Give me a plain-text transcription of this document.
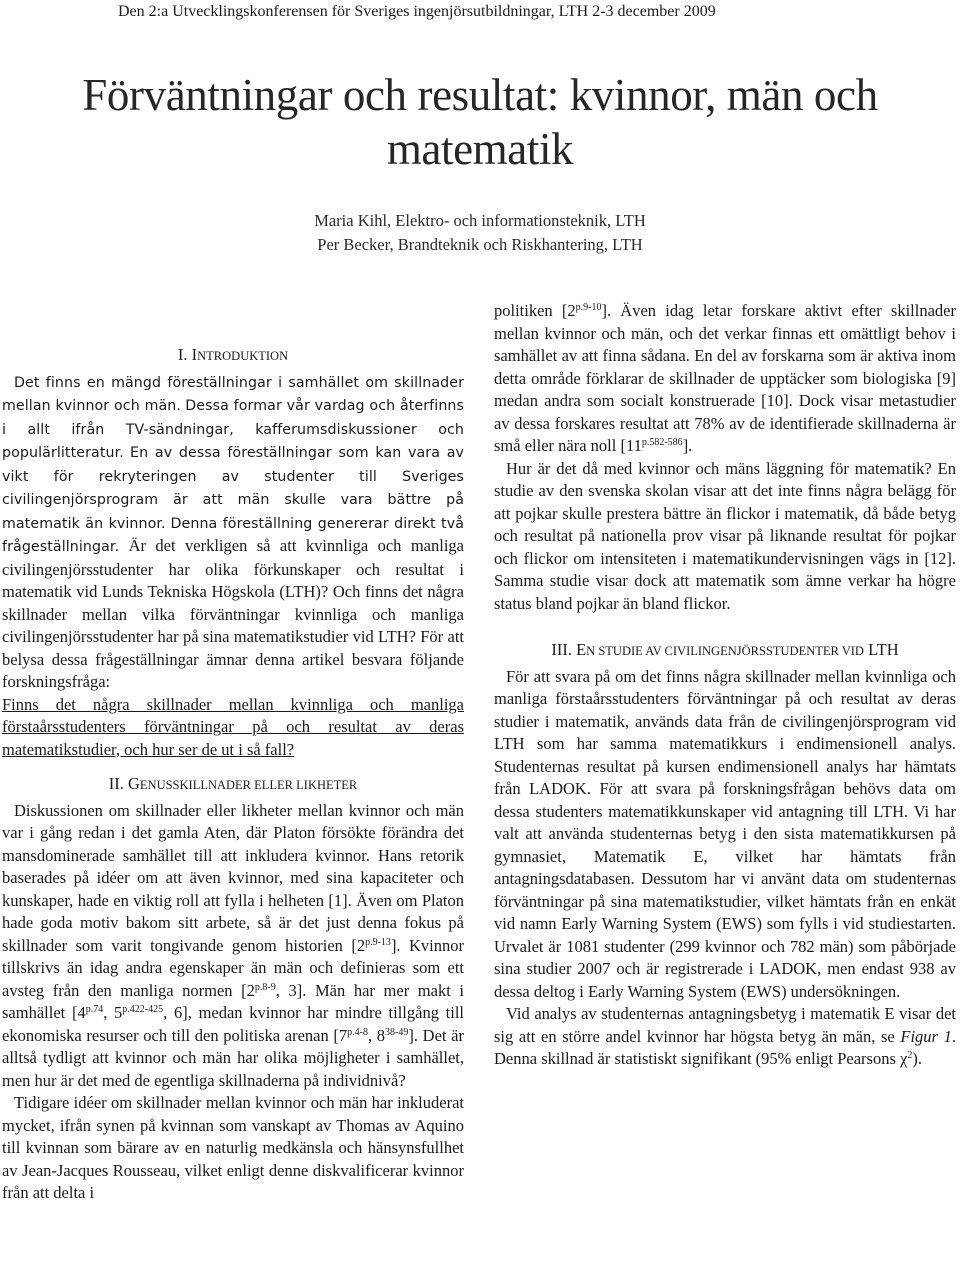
Den 2:a Utvecklingskonferensen för Sveriges ingenjörsutbildningar, LTH 2-3 december 2009
Förväntningar och resultat: kvinnor, män och matematik
Maria Kihl, Elektro- och informationsteknik, LTH
Per Becker, Brandteknik och Riskhantering, LTH

I. INTRODUKTION

Det finns en mängd föreställningar i samhället om skillnader mellan kvinnor och män. Dessa formar vår vardag och återfinns i allt ifrån TV-sändningar, kafferumsdiskussioner och populärlitteratur. En av dessa föreställningar som kan vara av vikt för rekryteringen av studenter till Sveriges civilingenjörsprogram är att män skulle vara bättre på matematik än kvinnor. Denna föreställning genererar direkt två frågeställningar. Är det verkligen så att kvinnliga och manliga civilingenjörsstudenter har olika förkunskaper och resultat i matematik vid Lunds Tekniska Högskola (LTH)? Och finns det några skillnader mellan vilka förväntningar kvinnliga och manliga civilingenjörsstudenter har på sina matematikstudier vid LTH? För att belysa dessa frågeställningar ämnar denna artikel besvara följande forskningsfråga:

Finns det några skillnader mellan kvinnliga och manliga förstaårsstudenters förväntningar på och resultat av deras matematikstudier, och hur ser de ut i så fall?

II. GENUSSKILLNADER ELLER LIKHETER

Diskussionen om skillnader eller likheter mellan kvinnor och män var i gång redan i det gamla Aten, där Platon försökte förändra det mansdominerade samhället till att inkludera kvinnor. Hans retorik baserades på idéer om att även kvinnor, med sina kapaciteter och kunskaper, hade en viktig roll att fylla i helheten [1]. Även om Platon hade goda motiv bakom sitt arbete, så är det just denna fokus på skillnader som varit tongivande genom historien $[2^{p.9-13}]$. Kvinnor tillskrivs än idag andra egenskaper än män och definieras som ett avsteg från den manliga normen [$2^{p.8-9}$, 3]. Män har mer makt i samhället [$4^{p.74}$, $5^{p.422-425}$, 6], medan kvinnor har mindre tillgång till ekonomiska resurser och till den politiska arenan [$7^{p.4-8}$, 8$^{38-49}$]. Det är alltså tydligt att kvinnor och män har olika möjligheter i samhället, men hur är det med de egentliga skillnaderna på individnivå?

Tidigare idéer om skillnader mellan kvinnor och män har inkluderat mycket, ifrån synen på kvinnan som vanskapt av Thomas av Aquino till kvinnan som bärare av en naturlig medkänsla och hänsynsfullhet av Jean-Jacques Rousseau, vilket enligt denne diskvalificerar kvinnor från att delta i

politiken $[2^{p.9-10}]$. Även idag letar forskare aktivt efter skillnader mellan kvinnor och män, och det verkar finnas ett omättligt behov i samhället av att finna sådana. En del av forskarna som är aktiva inom detta område förklarar de skillnader de upptäcker som biologiska [9] medan andra som socialt konstruerade [10]. Dock visar metastudier av dessa forskares resultat att 78% av de identifierade skillnaderna är små eller nära noll $[11^{p.582-586}]$.

Hur är det då med kvinnor och mäns läggning för matematik? En studie av den svenska skolan visar att det inte finns några belägg för att pojkar skulle prestera bättre än flickor i matematik, då både betyg och resultat på nationella prov visar på liknande resultat för pojkar och flickor om intensiteten i matematikundervisningen vägs in [12]. Samma studie visar dock att matematik som ämne verkar ha högre status bland pojkar än bland flickor.

III. EN STUDIE AV CIVILINGENJÖRSSTUDENTER VID LTH

För att svara på om det finns några skillnader mellan kvinnliga och manliga förstaårsstudenters förväntningar på och resultat av deras studier i matematik, används data från de civilingenjörsprogram vid LTH som har samma matematikkurs i endimensionell analys. Studenternas resultat på kursen endimensionell analys har hämtats från LADOK. För att svara på forskningsfrågan behövs data om dessa studenters matematikkunskaper vid antagning till LTH. Vi har valt att använda studenternas betyg i den sista matematikkursen på gymnasiet, Matematik E, vilket har hämtats från antagningsdatabasen. Dessutom har vi använt data om studenternas förväntningar på sina matematikstudier, vilket hämtats från en enkät vid namn Early Warning System (EWS) som fylls i vid studiestarten. Urvalet är 1081 studenter (299 kvinnor och 782 män) som påbörjade sina studier 2007 och är registrerade i LADOK, men endast 938 av dessa deltog i Early Warning System (EWS) undersökningen.

Vid analys av studenternas antagningsbetyg i matematik E visar det sig att en större andel kvinnor har högsta betyg än män, se Figur 1. Denna skillnad är statistiskt signifikant (95% enligt Pearsons $\chi^2$).
